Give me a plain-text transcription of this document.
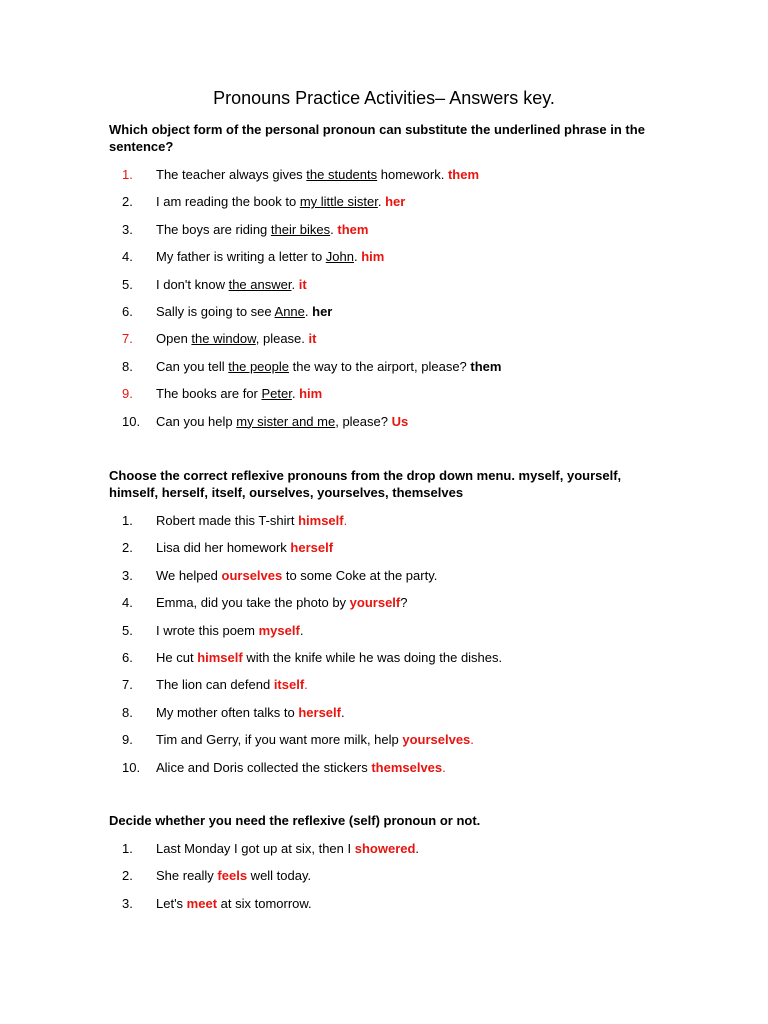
Pronouns Practice Activities– Answers key.

Which object form of the personal pronoun can substitute the underlined phrase in the sentence?

1.	The teacher always gives the students homework. them
2.	I am reading the book to my little sister. her
3.	The boys are riding their bikes. them
4.	My father is writing a letter to John. him
5.	I don't know the answer. it
6.	Sally is going to see Anne. her
7.	Open the window, please. it
8.	Can you tell the people the way to the airport, please? them
9.	The books are for Peter. him
10.	Can you help my sister and me, please? Us

Choose the correct reflexive pronouns from the drop down menu. myself, yourself, himself, herself, itself, ourselves, yourselves, themselves

1.	Robert made this T-shirt himself.
2.	Lisa did her homework herself
3.	We helped ourselves to some Coke at the party.
4.	Emma, did you take the photo by yourself?
5.	I wrote this poem myself.
6.	He cut himself with the knife while he was doing the dishes.
7.	The lion can defend itself.
8.	My mother often talks to herself.
9.	Tim and Gerry, if you want more milk, help yourselves.
10.	Alice and Doris collected the stickers themselves.

Decide whether you need the reflexive (self) pronoun or not.

1.	Last Monday I got up at six, then I showered.
2.	She really feels well today.
3.	Let's meet at six tomorrow.
